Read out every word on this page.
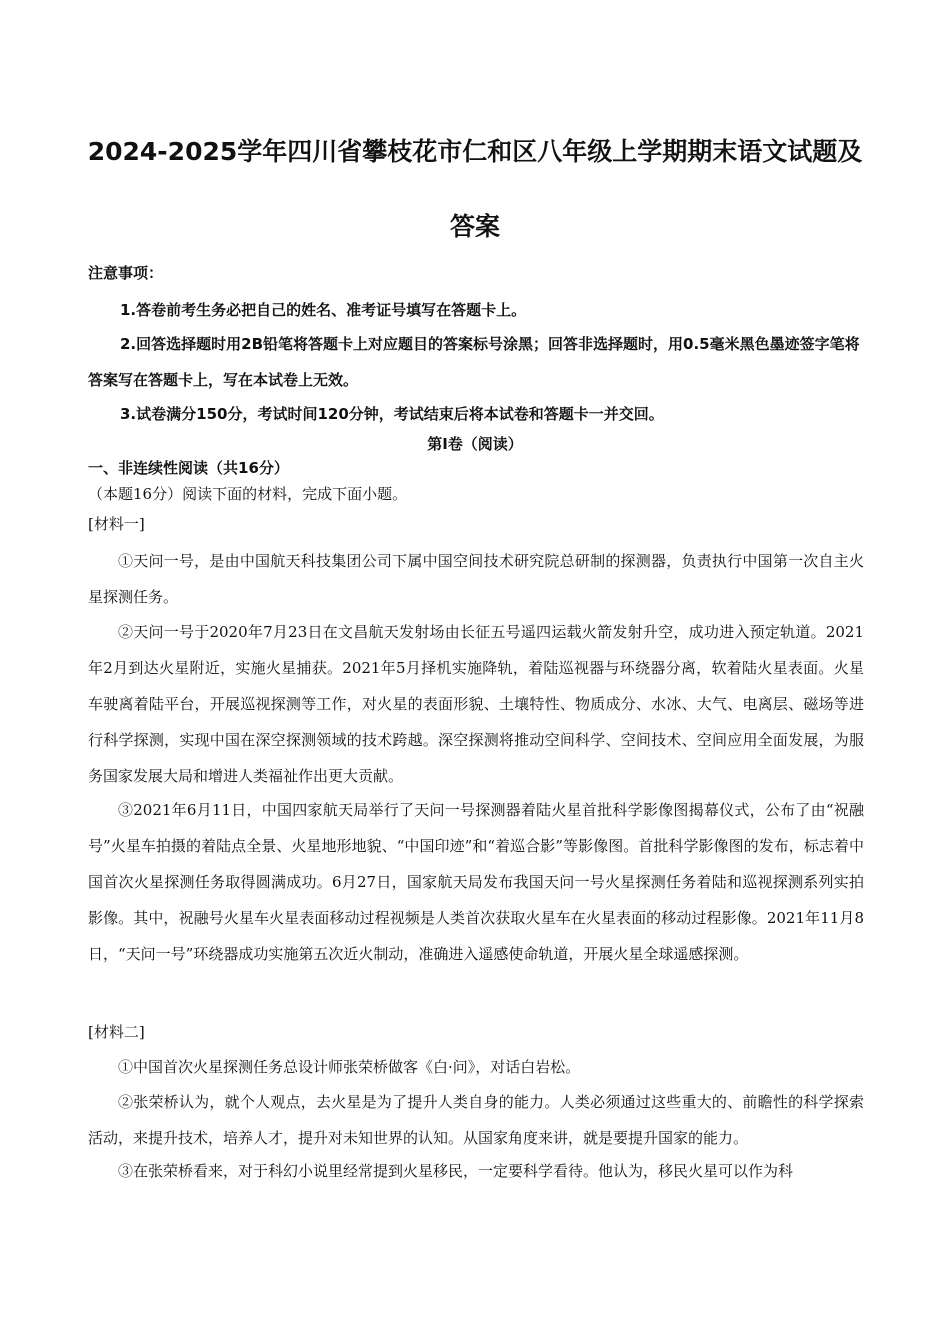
2024-2025学年四川省攀枝花市仁和区八年级上学期期末语文试题及
答案
注意事项：

1.答卷前考生务必把自己的姓名、准考证号填写在答题卡上。

2.回答选择题时用2B铅笔将答题卡上对应题目的答案标号涂黑；回答非选择题时，用0.5毫米黑色墨迹签字笔将答案写在答题卡上，写在本试卷上无效。

3.试卷满分150分，考试时间120分钟，考试结束后将本试卷和答题卡一并交回。

第Ⅰ卷（阅读）
一、非连续性阅读（共16分）
（本题16分）阅读下面的材料，完成下面小题。
[材料一]

①天问一号，是由中国航天科技集团公司下属中国空间技术研究院总研制的探测器，负责执行中国第一次自主火星探测任务。

②天问一号于2020年7月23日在文昌航天发射场由长征五号遥四运载火箭发射升空，成功进入预定轨道。2021年2月到达火星附近，实施火星捕获。2021年5月择机实施降轨，着陆巡视器与环绕器分离，软着陆火星表面。火星车驶离着陆平台，开展巡视探测等工作，对火星的表面形貌、土壤特性、物质成分、水冰、大气、电离层、磁场等进行科学探测，实现中国在深空探测领域的技术跨越。深空探测将推动空间科学、空间技术、空间应用全面发展，为服务国家发展大局和增进人类福祉作出更大贡献。

③2021年6月11日，中国四家航天局举行了天问一号探测器着陆火星首批科学影像图揭幕仪式，公布了由“祝融号”火星车拍摄的着陆点全景、火星地形地貌、“中国印迹”和“着巡合影”等影像图。首批科学影像图的发布，标志着中国首次火星探测任务取得圆满成功。6月27日，国家航天局发布我国天问一号火星探测任务着陆和巡视探测系列实拍影像。其中，祝融号火星车火星表面移动过程视频是人类首次获取火星车在火星表面的移动过程影像。2021年11月8日，“天问一号”环绕器成功实施第五次近火制动，准确进入遥感使命轨道，开展火星全球遥感探测。

[材料二]

①中国首次火星探测任务总设计师张荣桥做客《白·问》，对话白岩松。

②张荣桥认为，就个人观点，去火星是为了提升人类自身的能力。人类必须通过这些重大的、前瞻性的科学探索活动，来提升技术，培养人才，提升对未知世界的认知。从国家角度来讲，就是要提升国家的能力。

③在张荣桥看来，对于科幻小说里经常提到火星移民，一定要科学看待。他认为，移民火星可以作为科
